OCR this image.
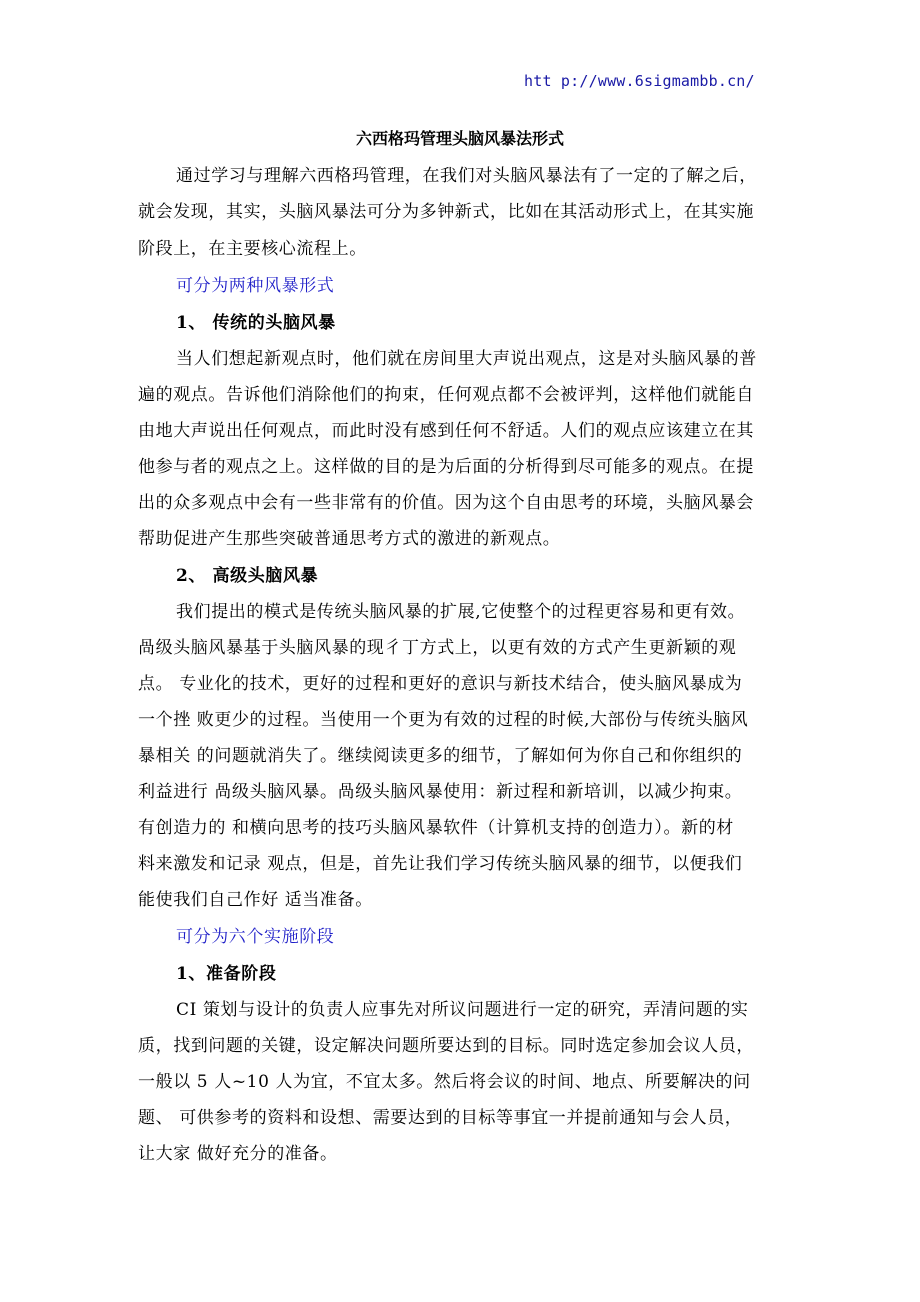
htt p://www.6sigmambb.cn/
六西格玛管理头脑风暴法形式
通过学习与理解六西格玛管理，在我们对头脑风暴法有了一定的了解之后，
就会发现，其实，头脑风暴法可分为多钟新式，比如在其活动形式上，在其实施
阶段上，在主要核心流程上。
可分为两种风暴形式
1、 传统的头脑风暴
当人们想起新观点时，他们就在房间里大声说出观点，这是对头脑风暴的普
遍的观点。告诉他们消除他们的拘束，任何观点都不会被评判，这样他们就能自
由地大声说出任何观点，而此时没有感到任何不舒适。人们的观点应该建立在其
他参与者的观点之上。这样做的目的是为后面的分析得到尽可能多的观点。在提
出的众多观点中会有一些非常有的价值。因为这个自由思考的环境，头脑风暴会
帮助促进产生那些突破普通思考方式的激进的新观点。
2、 高级头脑风暴
我们提出的模式是传统头脑风暴的扩展,它使整个的过程更容易和更有效。
咼级头脑风暴基于头脑风暴的现彳丁方式上，以更有效的方式产生更新颖的观
点。 专业化的技术，更好的过程和更好的意识与新技术结合，使头脑风暴成为
一个挫 败更少的过程。当使用一个更为有效的过程的时候,大部份与传统头脑风
暴相关 的问题就消失了。继续阅读更多的细节，了解如何为你自己和你组织的
利益进行 咼级头脑风暴。咼级头脑风暴使用：新过程和新培训，以减少拘束。
有创造力的 和横向思考的技巧头脑风暴软件（计算机支持的创造力）。新的材
料来激发和记录 观点，但是，首先让我们学习传统头脑风暴的细节，以便我们
能使我们自己作好 适当准备。
可分为六个实施阶段
1、准备阶段
CI 策划与设计的负责人应事先对所议问题进行一定的研究，弄清问题的实
质，找到问题的关键，设定解决问题所要达到的目标。同时选定参加会议人员，
一般以 5 人~10 人为宜，不宜太多。然后将会议的时间、地点、所要解决的问
题、 可供参考的资料和设想、需要达到的目标等事宜一并提前通知与会人员，
让大家 做好充分的准备。
